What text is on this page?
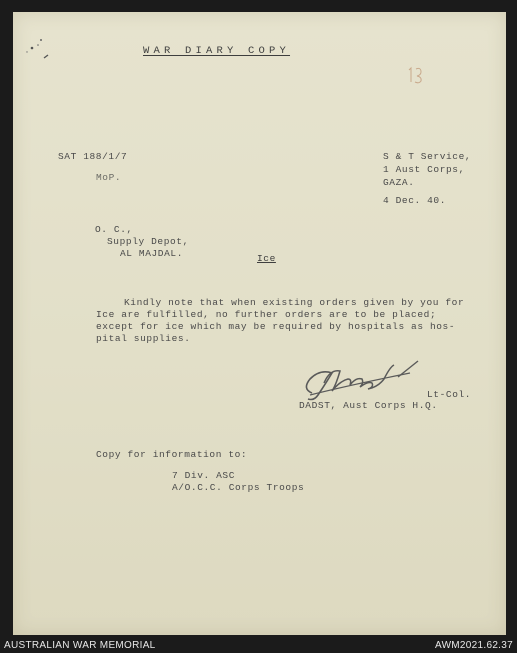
WAR DIARY COPY
SAT 188/1/7
MoP.
S & T Service,
1 Aust Corps,
GAZA.
4 Dec. 40.
O. C.,
Supply Depot,
AL MAJDAL.	Ice
Kindly note that when existing orders given by you for
Ice are fulfilled, no further orders are to be placed;
except for ice which may be required by hospitals as hos-
pital supplies.
Lt-Col.
DADST, Aust Corps H.Q.
Copy for information to:
7 Div. ASC
A/O.C.C. Corps Troops
AUSTRALIAN WAR MEMORIAL	AWM2021.62.37
